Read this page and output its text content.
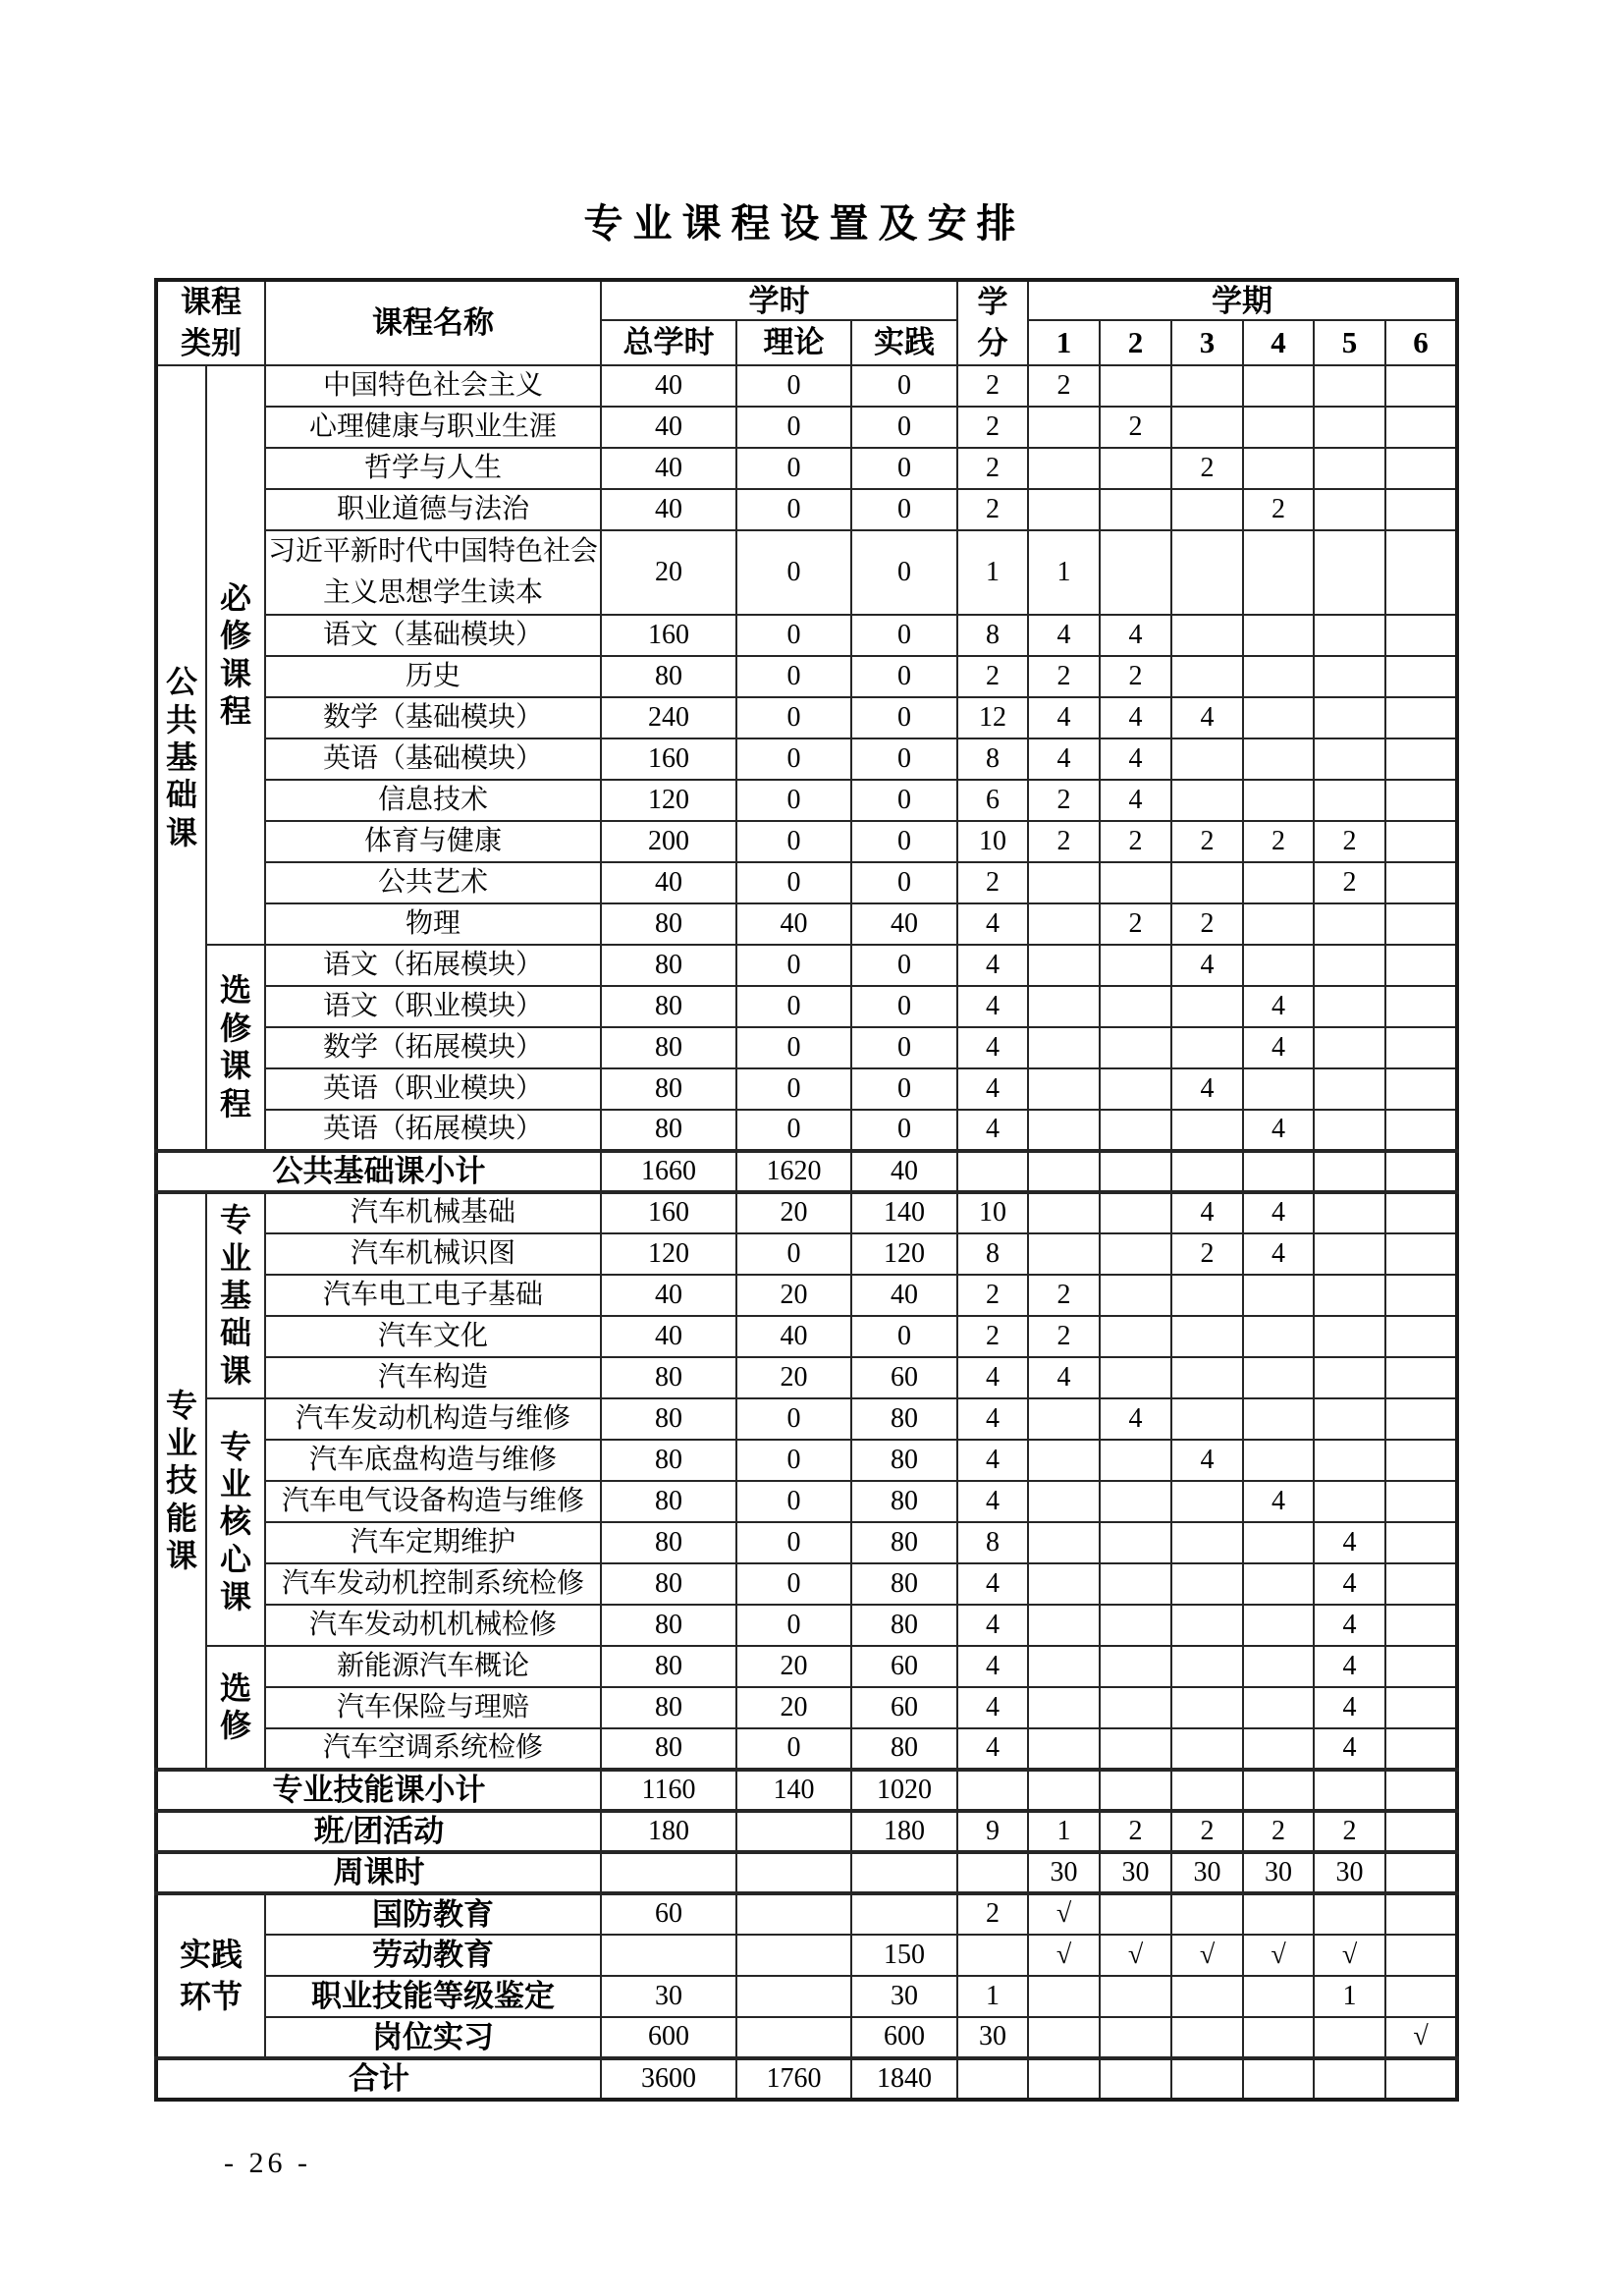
专业课程设置及安排
课程类别		课程名称	学时			学分	学期					
			总学时	理论	实践		1	2	3	4	5	6

公
共
基
础
课	必
修
课
程	中国特色社会主义	40	0	0	2	2					
		心理健康与职业生涯	40	0	0	2		2				
		哲学与人生	40	0	0	2			2			
		职业道德与法治	40	0	0	2				2		
		习近平新时代中国特色社会主义思想学生读本	20	0	0	1	1					
		语文（基础模块）	160	0	0	8	4	4				
		历史	80	0	0	2	2	2				
		数学（基础模块）	240	0	0	12	4	4	4			
		英语（基础模块）	160	0	0	8	4	4				
		信息技术	120	0	0	6	2	4				
		体育与健康	200	0	0	10	2	2	2	2	2	
		公共艺术	40	0	0	2					2	
		物理	80	40	40	4		2	2			

	选
修
课
程	语文（拓展模块）	80	0	0	4			4			
		语文（职业模块）	80	0	0	4				4		
		数学（拓展模块）	80	0	0	4				4		
		英语（职业模块）	80	0	0	4			4			
		英语（拓展模块）	80	0	0	4				4		
公共基础课小计			1660	1620	40							

专
业
技
能
课	专
业
基
础
课	汽车机械基础	160	20	140	10			4	4		
		汽车机械识图	120	0	120	8			2	4		
		汽车电工电子基础	40	20	40	2	2					
		汽车文化	40	40	0	2	2					
		汽车构造	80	20	60	4	4					

	专
业
核
心
课	汽车发动机构造与维修	80	0	80	4		4				
		汽车底盘构造与维修	80	0	80	4			4			
		汽车电气设备构造与维修	80	0	80	4				4		
		汽车定期维护	80	0	80	8					4	
		汽车发动机控制系统检修	80	0	80	4					4	
		汽车发动机机械检修	80	0	80	4					4	

	选
修	新能源汽车概论	80	20	60	4					4	
		汽车保险与理赔	80	20	60	4					4	
		汽车空调系统检修	80	0	80	4					4	
专业技能课小计			1160	140	1020							
班/团活动			180		180	9	1	2	2	2	2	
周课时							30	30	30	30	30	
实践环节		国防教育	60			2	√					
		劳动教育			150		√	√	√	√	√	
		职业技能等级鉴定	30		30	1					1	
		岗位实习	600		600	30						√
合计			3600	1760	1840							
- 26 -
